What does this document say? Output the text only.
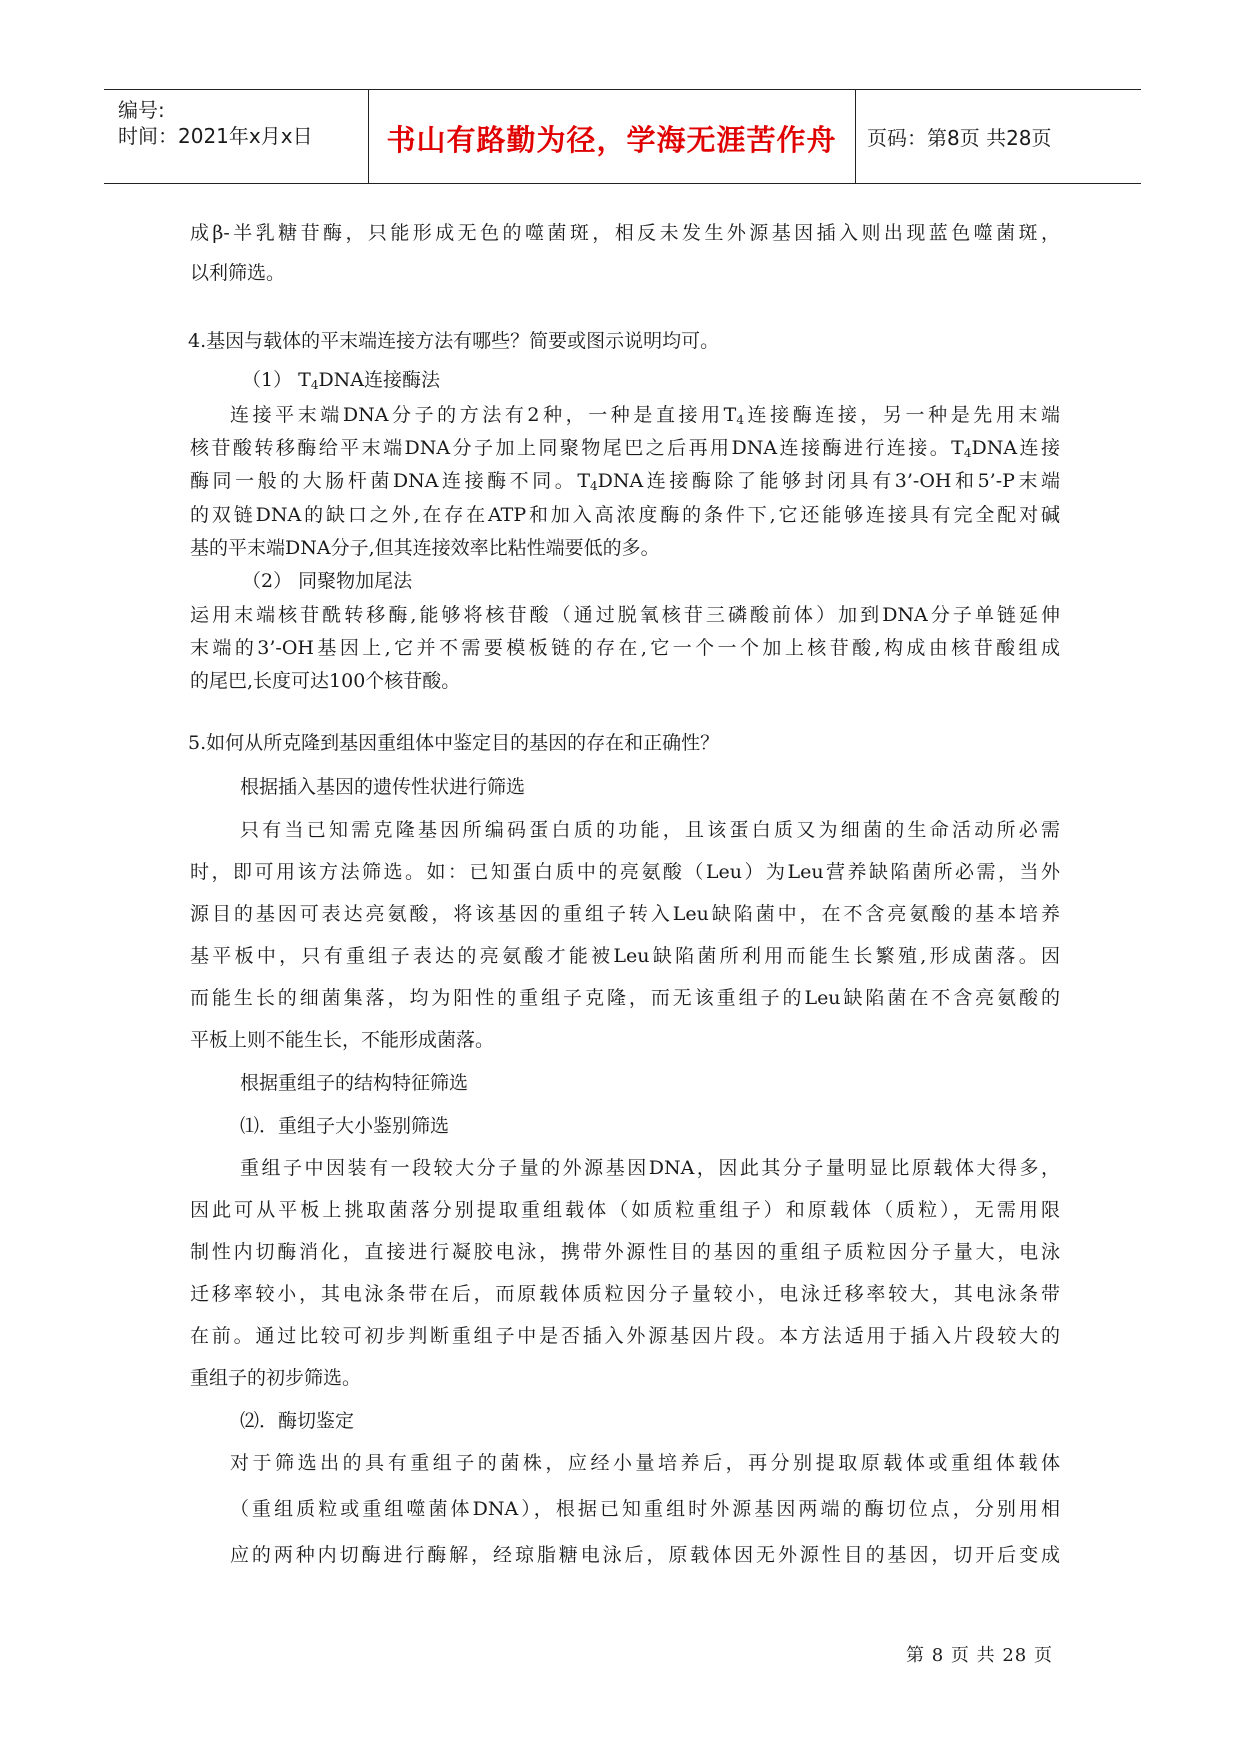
编号:
时间：2021年x月x日	书山有路勤为径，学海无涯苦作舟	页码：第8页 共28页
成β-半乳糖苷酶，只能形成无色的噬菌斑，相反未发生外源基因插入则出现蓝色噬菌斑，
以利筛选。
4.基因与载体的平末端连接方法有哪些？简要或图示说明均可。
（1） $T_4DNA$连接酶法
连接平末端DNA分子的方法有2种，一种是直接用$T_4$连接酶连接，另一种是先用末端
核苷酸转移酶给平末端DNA分子加上同聚物尾巴之后再用DNA连接酶进行连接。$T_4DNA$连接
酶同一般的大肠杆菌DNA连接酶不同。$T_4DNA$连接酶除了能够封闭具有3’-OH和5’-P末端
的双链DNA的缺口之外,在存在ATP和加入高浓度酶的条件下,它还能够连接具有完全配对碱
基的平末端DNA分子,但其连接效率比粘性端要低的多。
（2） 同聚物加尾法
运用末端核苷酰转移酶,能够将核苷酸（通过脱氧核苷三磷酸前体）加到DNA分子单链延伸
末端的3’-OH基因上,它并不需要模板链的存在,它一个一个加上核苷酸,构成由核苷酸组成
的尾巴,长度可达100个核苷酸。
5.如何从所克隆到基因重组体中鉴定目的基因的存在和正确性？
根据插入基因的遗传性状进行筛选
只有当已知需克隆基因所编码蛋白质的功能，且该蛋白质又为细菌的生命活动所必需
时，即可用该方法筛选。如：已知蛋白质中的亮氨酸（Leu）为Leu营养缺陷菌所必需，当外
源目的基因可表达亮氨酸，将该基因的重组子转入Leu缺陷菌中，在不含亮氨酸的基本培养
基平板中，只有重组子表达的亮氨酸才能被Leu缺陷菌所利用而能生长繁殖,形成菌落。因
而能生长的细菌集落，均为阳性的重组子克隆，而无该重组子的Leu缺陷菌在不含亮氨酸的
平板上则不能生长，不能形成菌落。
根据重组子的结构特征筛选
⑴．重组子大小鉴别筛选
重组子中因装有一段较大分子量的外源基因DNA，因此其分子量明显比原载体大得多，
因此可从平板上挑取菌落分别提取重组载体（如质粒重组子）和原载体（质粒），无需用限
制性内切酶消化，直接进行凝胶电泳，携带外源性目的基因的重组子质粒因分子量大，电泳
迁移率较小，其电泳条带在后，而原载体质粒因分子量较小，电泳迁移率较大，其电泳条带
在前。通过比较可初步判断重组子中是否插入外源基因片段。本方法适用于插入片段较大的
重组子的初步筛选。
⑵．酶切鉴定
对于筛选出的具有重组子的菌株，应经小量培养后，再分别提取原载体或重组体载体
（重组质粒或重组噬菌体DNA），根据已知重组时外源基因两端的酶切位点，分别用相
应的两种内切酶进行酶解，经琼脂糖电泳后，原载体因无外源性目的基因，切开后变成
第 8 页 共 28 页
